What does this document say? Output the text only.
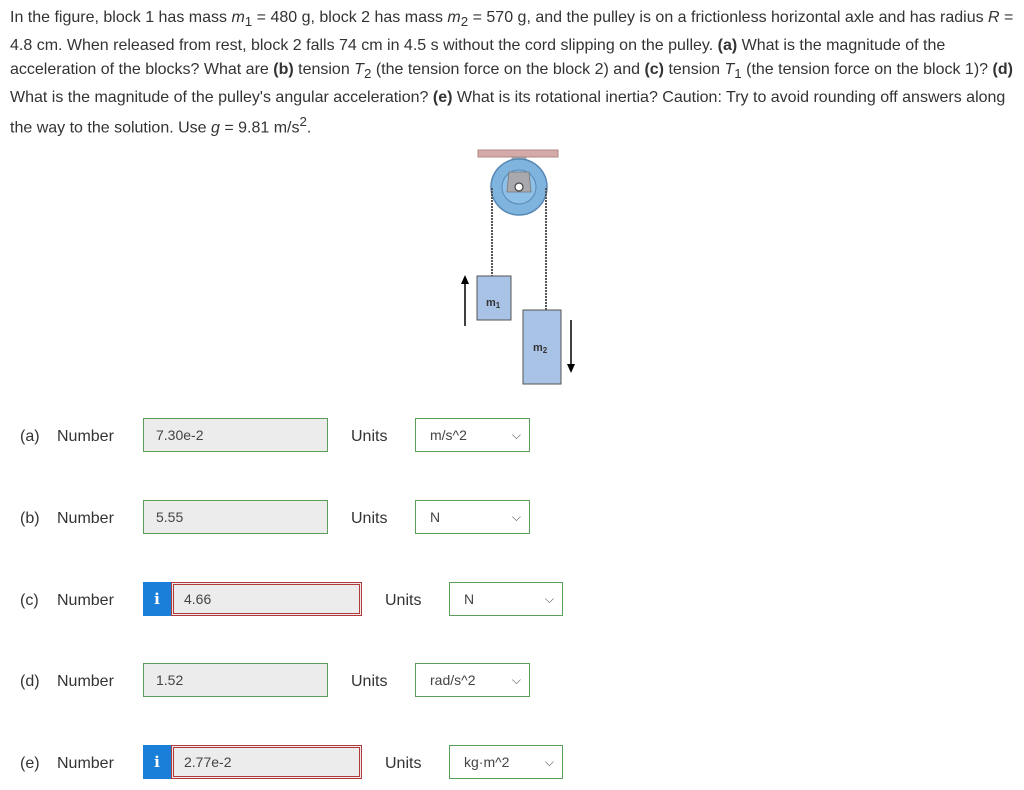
In the figure, block 1 has mass $m_1 = 480$ g, block 2 has mass $m_2 = 570$ g, and the pulley is on a frictionless horizontal axle and has radius R = 4.8 cm. When released from rest, block 2 falls 74 cm in 4.5 s without the cord slipping on the pulley. (a) What is the magnitude of the acceleration of the blocks? What are (b) tension $T_2$ (the tension force on the block 2) and (c) tension $T_1$ (the tension force on the block 1)? (d) What is the magnitude of the pulley's angular acceleration? (e) What is its rotational inertia? Caution: Try to avoid rounding off answers along the way to the solution. Use g = 9.81 $m/s^2$.
m1
m2
(a) Number	7.30e-2	Units	m/s^2	⌵
(b) Number	5.55	Units	N	⌵
(c) Number	i	4.66	Units	N	⌵
(d) Number	1.52	Units	rad/s^2	⌵
(e) Number	i	2.77e-2	Units	kg·m^2	⌵
